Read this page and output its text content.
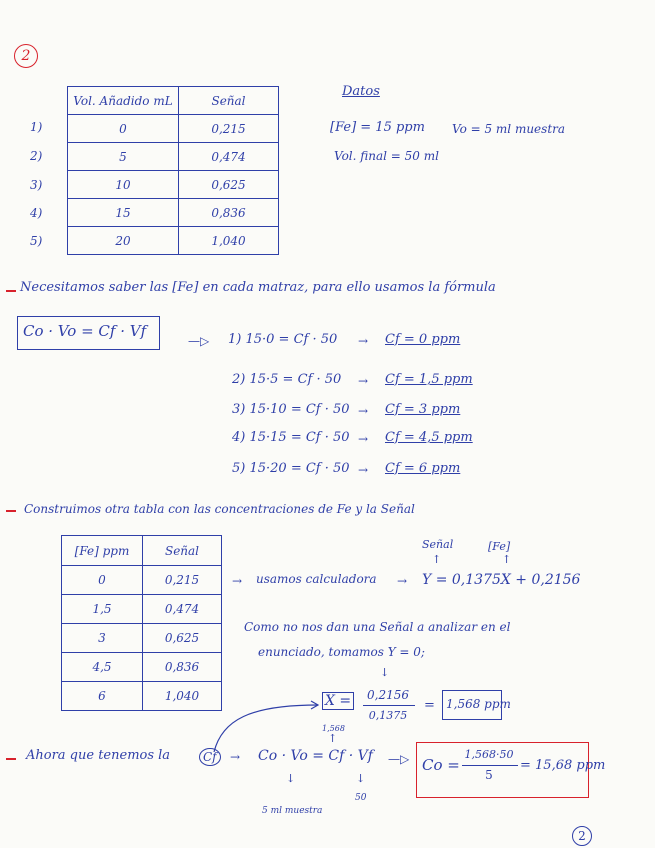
2
1)
2)
3)
4)
5)
Vol. Añadido mL	Señal
0	0,215
5	0,474
10	0,625
15	0,836
20	1,040
Datos
[Fe] = 15 ppm Vo = 5 ml muestra
Vol. final = 50 ml
Necesitamos saber las [Fe] en cada matraz, para ello usamos la fórmula
Co · Vo = Cf · Vf
—▷ 1) 15·0 = Cf · 50 → Cf = 0 ppm
2) 15·5 = Cf · 50 → Cf = 1,5 ppm
3) 15·10 = Cf · 50 → Cf = 3 ppm
4) 15·15 = Cf · 50 → Cf = 4,5 ppm
5) 15·20 = Cf · 50 → Cf = 6 ppm
Construimos otra tabla con las concentraciones de Fe y la Señal
[Fe] ppm	Señal
0	0,215
1,5	0,474
3	0,625
4,5	0,836
6	1,040
Señal
↑
[Fe]
↑
→ usamos calculadora → Y = 0,1375X + 0,2156
Como no nos dan una Señal a analizar en el
enunciado, tomamos Y = 0;
↓
X =	0,2156
0,1375
= 1,568 ppm
Ahora que tenemos la	Cf	→ Co · Vo = Cf · Vf
1,568
↑
↓
5 ml muestra
↓
50
—▷ Co =
1,568·50
5
= 15,68 ppm
2
